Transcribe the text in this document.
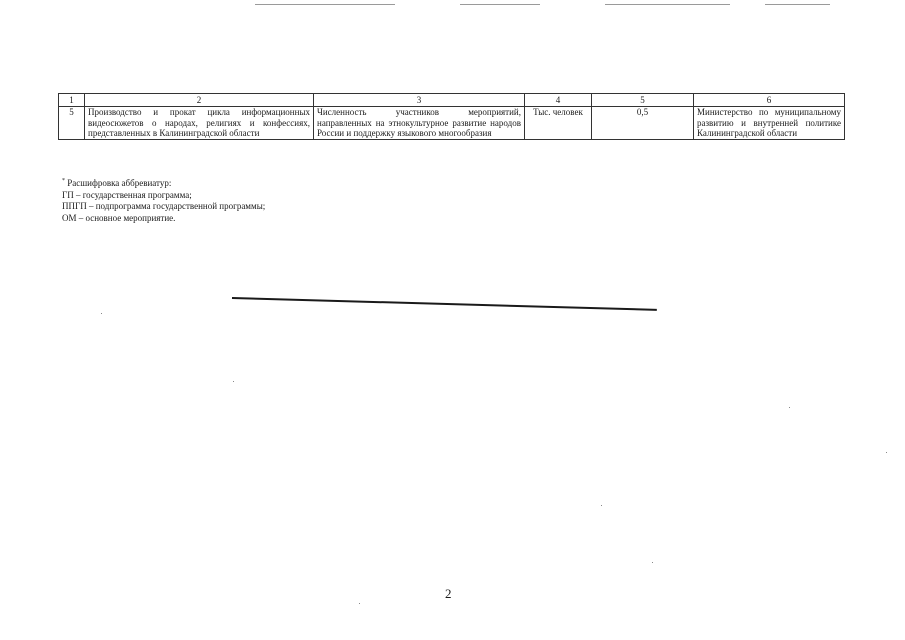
1	2	3	4	5	6
5	Производство и прокат цикла информационных видеосюжетов о народах, религиях и конфессиях, представленных в Калининградской области	Численность участников мероприятий, направленных на этнокультурное развитие народов России и поддержку языкового многообразия	Тыс. человек	0,5	Министерство по муниципальному развитию и внутренней политике Калининградской области
* Расшифровка аббревиатур:
ГП – государственная программа;
ППГП – подпрограмма государственной программы;
ОМ – основное мероприятие.
2
